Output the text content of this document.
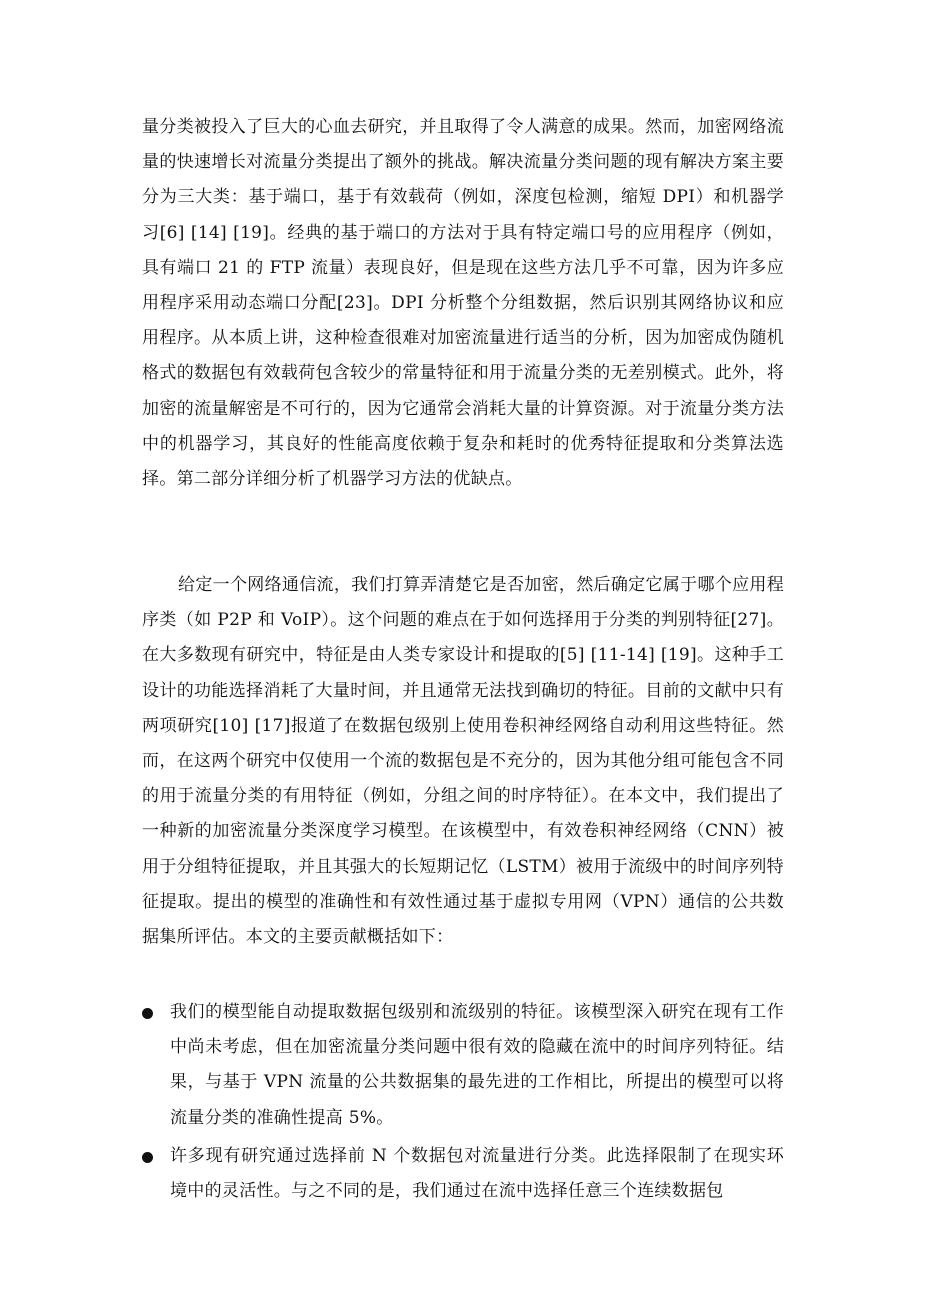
量分类被投入了巨大的心血去研究，并且取得了令人满意的成果。然而，加密网络流量的快速增长对流量分类提出了额外的挑战。解决流量分类问题的现有解决方案主要分为三大类：基于端口，基于有效载荷（例如，深度包检测，缩短 DPI）和机器学习[6] [14] [19]。经典的基于端口的方法对于具有特定端口号的应用程序（例如，具有端口 21 的 FTP 流量）表现良好，但是现在这些方法几乎不可靠，因为许多应用程序采用动态端口分配[23]。DPI 分析整个分组数据，然后识别其网络协议和应用程序。从本质上讲，这种检查很难对加密流量进行适当的分析，因为加密成伪随机格式的数据包有效载荷包含较少的常量特征和用于流量分类的无差别模式。此外，将加密的流量解密是不可行的，因为它通常会消耗大量的计算资源。对于流量分类方法中的机器学习，其良好的性能高度依赖于复杂和耗时的优秀特征提取和分类算法选择。第二部分详细分析了机器学习方法的优缺点。

给定一个网络通信流，我们打算弄清楚它是否加密，然后确定它属于哪个应用程序类（如 P2P 和 VoIP）。这个问题的难点在于如何选择用于分类的判别特征[27]。在大多数现有研究中，特征是由人类专家设计和提取的[5] [11-14] [19]。这种手工设计的功能选择消耗了大量时间，并且通常无法找到确切的特征。目前的文献中只有两项研究[10] [17]报道了在数据包级别上使用卷积神经网络自动利用这些特征。然而，在这两个研究中仅使用一个流的数据包是不充分的，因为其他分组可能包含不同的用于流量分类的有用特征（例如，分组之间的时序特征）。在本文中，我们提出了一种新的加密流量分类深度学习模型。在该模型中，有效卷积神经网络（CNN）被用于分组特征提取，并且其强大的长短期记忆（LSTM）被用于流级中的时间序列特征提取。提出的模型的准确性和有效性通过基于虚拟专用网（VPN）通信的公共数据集所评估。本文的主要贡献概括如下：

我们的模型能自动提取数据包级别和流级别的特征。该模型深入研究在现有工作中尚未考虑，但在加密流量分类问题中很有效的隐藏在流中的时间序列特征。结果，与基于 VPN 流量的公共数据集的最先进的工作相比，所提出的模型可以将流量分类的准确性提高 5%。

许多现有研究通过选择前 N 个数据包对流量进行分类。此选择限制了在现实环境中的灵活性。与之不同的是，我们通过在流中选择任意三个连续数据包
